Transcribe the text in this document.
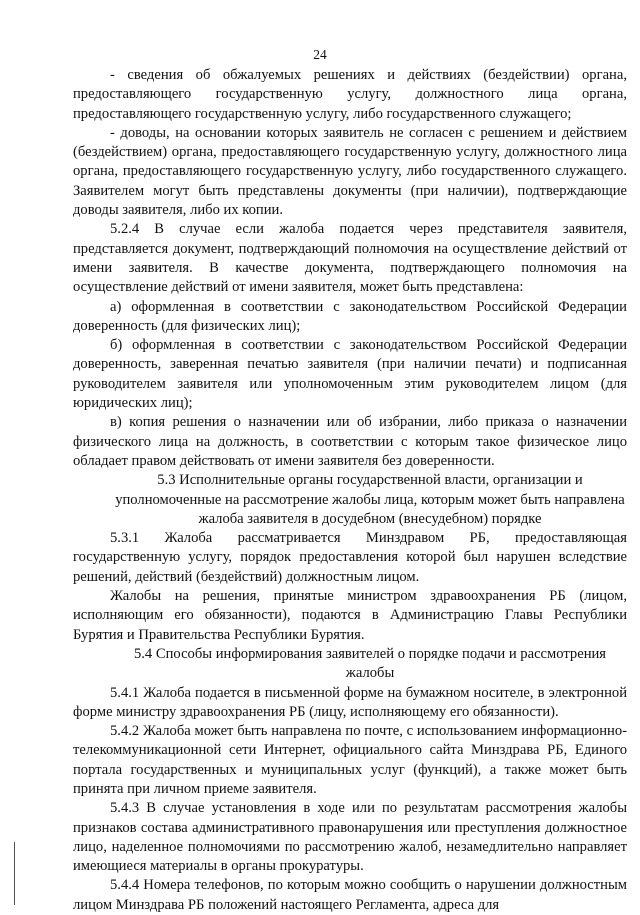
24

- сведения об обжалуемых решениях и действиях (бездействии) органа, предоставляющего государственную услугу, должностного лица органа, предоставляющего государственную услугу, либо государственного служащего;

- доводы, на основании которых заявитель не согласен с решением и действием (бездействием) органа, предоставляющего государственную услугу, должностного лица органа, предоставляющего государственную услугу, либо государственного служащего. Заявителем могут быть представлены документы (при наличии), подтверждающие доводы заявителя, либо их копии.

5.2.4 В случае если жалоба подается через представителя заявителя, представляется документ, подтверждающий полномочия на осуществление действий от имени заявителя. В качестве документа, подтверждающего полномочия на осуществление действий от имени заявителя, может быть представлена:

а) оформленная в соответствии с законодательством Российской Федерации доверенность (для физических лиц);

б) оформленная в соответствии с законодательством Российской Федерации доверенность, заверенная печатью заявителя (при наличии печати) и подписанная руководителем заявителя или уполномоченным этим руководителем лицом (для юридических лиц);

в) копия решения о назначении или об избрании, либо приказа о назначении физического лица на должность, в соответствии с которым такое физическое лицо обладает правом действовать от имени заявителя без доверенности.

5.3 Исполнительные органы государственной власти, организации и уполномоченные на рассмотрение жалобы лица, которым может быть направлена жалоба заявителя в досудебном (внесудебном) порядке

5.3.1 Жалоба рассматривается Минздравом РБ, предоставляющая государственную услугу, порядок предоставления которой был нарушен вследствие решений, действий (бездействий) должностным лицом.

Жалобы на решения, принятые министром здравоохранения РБ (лицом, исполняющим его обязанности), подаются в Администрацию Главы Республики Бурятия и Правительства Республики Бурятия.

5.4 Способы информирования заявителей о порядке подачи и рассмотрения жалобы

5.4.1 Жалоба подается в письменной форме на бумажном носителе, в электронной форме министру здравоохранения РБ (лицу, исполняющему его обязанности).

5.4.2 Жалоба может быть направлена по почте, с использованием информационно-телекоммуникационной сети Интернет, официального сайта Минздрава РБ, Единого портала государственных и муниципальных услуг (функций), а также может быть принята при личном приеме заявителя.

5.4.3 В случае установления в ходе или по результатам рассмотрения жалобы признаков состава административного правонарушения или преступления должностное лицо, наделенное полномочиями по рассмотрению жалоб, незамедлительно направляет имеющиеся материалы в органы прокуратуры.

5.4.4 Номера телефонов, по которым можно сообщить о нарушении должностным лицом Минздрава РБ положений настоящего Регламента, адреса для
